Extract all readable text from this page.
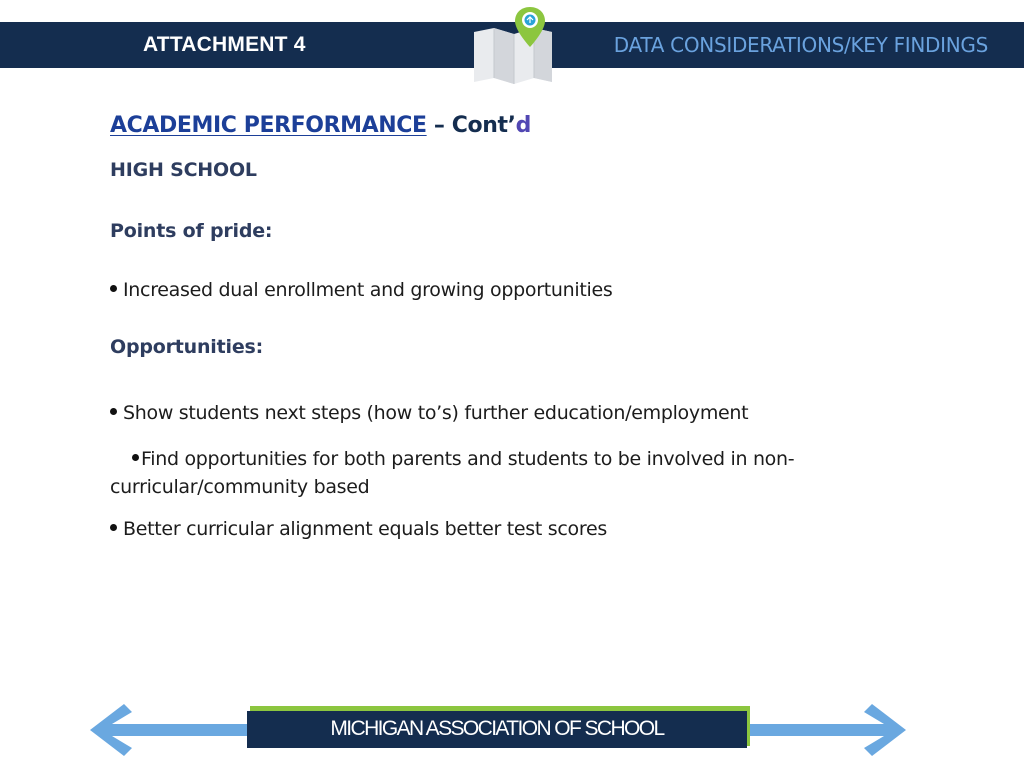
ATTACHMENT 4	DATA CONSIDERATIONS/KEY FINDINGS
ACADEMIC PERFORMANCE – Cont’d
HIGH SCHOOL
Points of pride:
Increased dual enrollment and growing opportunities
Opportunities:
Show students next steps (how to’s) further education/employment
Find opportunities for both parents and students to be involved in non- curricular/community based
Better curricular alignment equals better test scores
MICHIGAN ASSOCIATION OF SCHOOL
